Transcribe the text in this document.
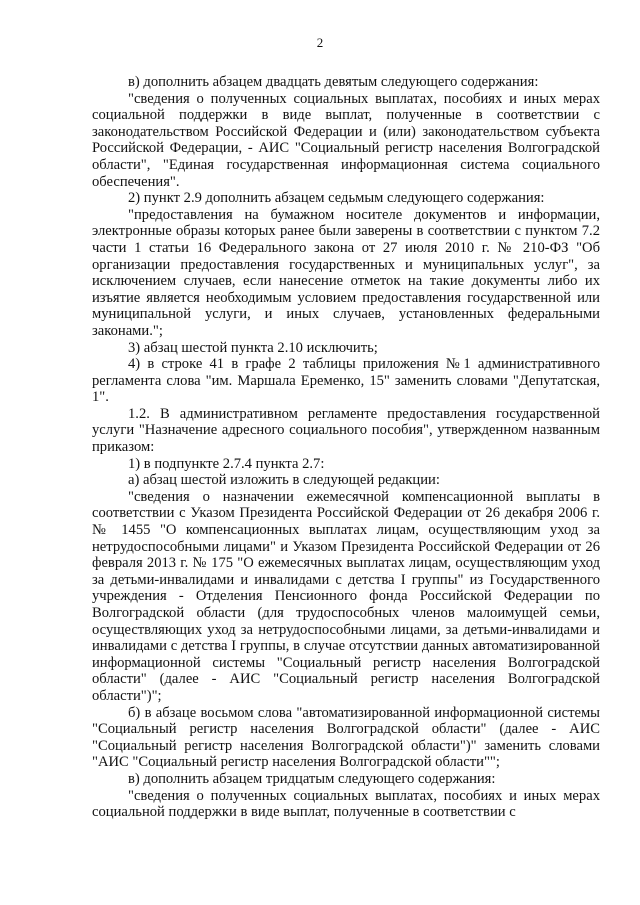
2

в) дополнить абзацем двадцать девятым следующего содержания:

"сведения о полученных социальных выплатах, пособиях и иных мерах социальной поддержки в виде выплат, полученные в соответствии с законодательством Российской Федерации и (или) законодательством субъекта Российской Федерации, - АИС "Социальный регистр населения Волгоградской области", "Единая государственная информационная система социального обеспечения".

2) пункт 2.9 дополнить абзацем седьмым следующего содержания:

"предоставления на бумажном носителе документов и информации, электронные образы которых ранее были заверены в соответствии с пунктом 7.2 части 1 статьи 16 Федерального закона от 27 июля 2010 г. № 210-ФЗ "Об организации предоставления государственных и муниципальных услуг", за исключением случаев, если нанесение отметок на такие документы либо их изъятие является необходимым условием предоставления государственной или муниципальной услуги, и иных случаев, установленных федеральными законами.";

3) абзац шестой пункта 2.10 исключить;

4) в строке 41 в графе 2 таблицы приложения №1 административного регламента слова "им. Маршала Еременко, 15" заменить словами "Депутатская, 1".

1.2. В административном регламенте предоставления государственной услуги "Назначение адресного социального пособия", утвержденном названным приказом:

1) в подпункте 2.7.4 пункта 2.7:

а) абзац шестой изложить в следующей редакции:

"сведения о назначении ежемесячной компенсационной выплаты в соответствии с Указом Президента Российской Федерации от 26 декабря 2006 г. № 1455 "О компенсационных выплатах лицам, осуществляющим уход за нетрудоспособными лицами" и Указом Президента Российской Федерации от 26 февраля 2013 г. № 175 "О ежемесячных выплатах лицам, осуществляющим уход за детьми-инвалидами и инвалидами с детства I группы" из Государственного учреждения - Отделения Пенсионного фонда Российской Федерации по Волгоградской области (для трудоспособных членов малоимущей семьи, осуществляющих уход за нетрудоспособными лицами, за детьми-инвалидами и инвалидами с детства I группы, в случае отсутствии данных автоматизированной информационной системы "Социальный регистр населения Волгоградской области" (далее - АИС "Социальный регистр населения Волгоградской области")";

б) в абзаце восьмом слова "автоматизированной информационной системы "Социальный регистр населения Волгоградской области" (далее - АИС "Социальный регистр населения Волгоградской области")" заменить словами "АИС "Социальный регистр населения Волгоградской области"";

в) дополнить абзацем тридцатым следующего содержания:

"сведения о полученных социальных выплатах, пособиях и иных мерах социальной поддержки в виде выплат, полученные в соответствии с
